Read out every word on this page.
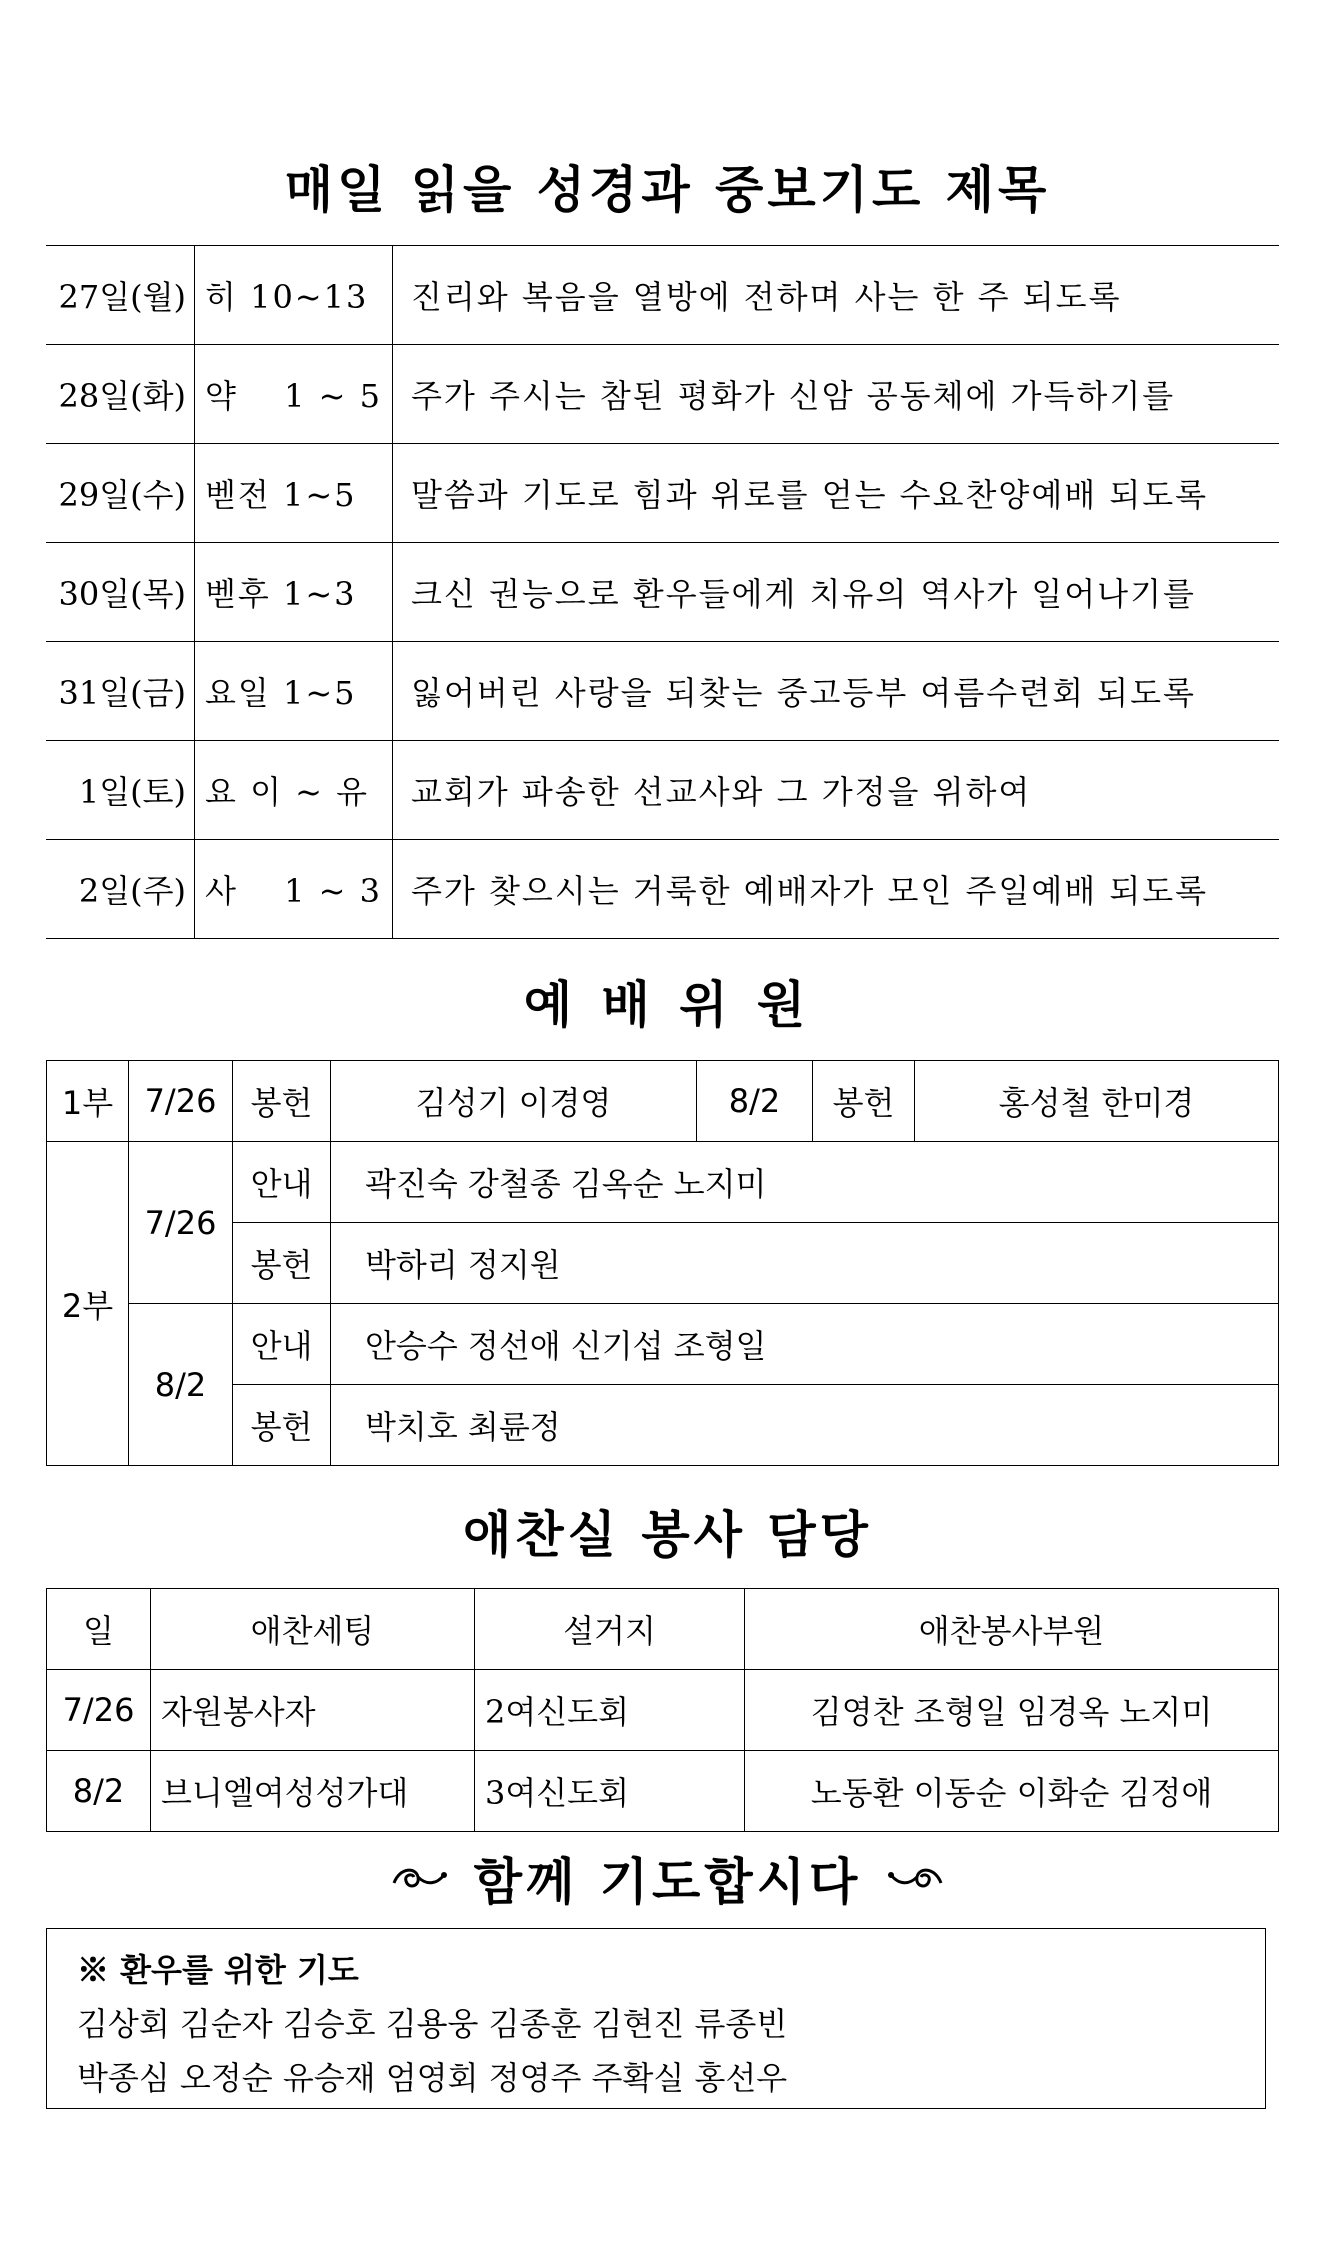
매일 읽을 성경과 중보기도 제목
27일(월)	히 10~13	진리와 복음을 열방에 전하며 사는 한 주 되도록
28일(화)	약 　1 ~ 5	주가 주시는 참된 평화가 신암 공동체에 가득하기를
29일(수)	벧전 1~5	말씀과 기도로 힘과 위로를 얻는 수요찬양예배 되도록
30일(목)	벧후 1~3	크신 권능으로 환우들에게 치유의 역사가 일어나기를
31일(금)	요일 1~5	잃어버린 사랑을 되찾는 중고등부 여름수련회 되도록
1일(토)	요 이 ~ 유	교회가 파송한 선교사와 그 가정을 위하여
2일(주)	사 　1 ~ 3	주가 찾으시는 거룩한 예배자가 모인 주일예배 되도록
예 배 위 원
1부	7/26	봉헌	김성기 이경영	8/2	봉헌	홍성철 한미경
2부	7/26	안내	곽진숙 강철종 김옥순 노지미			
		봉헌	박하리 정지원			
	8/2	안내	안승수 정선애 신기섭 조형일			
		봉헌	박치호 최륜정			
애찬실 봉사 담당
일	애찬세팅	설거지	애찬봉사부원
7/26	자원봉사자	2여신도회	김영찬 조형일 임경옥 노지미
8/2	브니엘여성성가대	3여신도회	노동환 이동순 이화순 김정애
함께 기도합시다
※ 환우를 위한 기도
김상회 김순자 김승호 김용웅 김종훈 김현진 류종빈
박종심 오정순 유승재 엄영회 정영주 주확실 홍선우
